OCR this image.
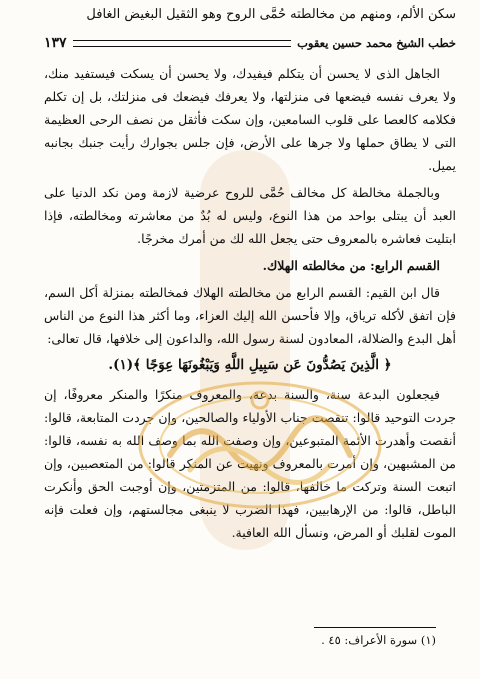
سكن الألم، ومنهم من مخالطته حُمَّى الروح وهو الثقيل البغيض الغافل
خطب الشيخ محمد حسين يعقوب
١٣٧

الجاهل الذى لا يحسن أن يتكلم فيفيدك، ولا يحسن أن يسكت فيستفيد منك، ولا يعرف نفسه فيضعها فى منزلتها، ولا يعرفك فيضعك فى منزلتك، بل إن تكلم فكلامه كالعصا على قلوب السامعين، وإن سكت فأثقل من نصف الرحى العظيمة التى لا يطاق حملها ولا جرها على الأرض، فإن جلس بجوارك رأيت جنبك بجانبه يميل.

وبالجملة مخالطة كل مخالف حُمَّى للروح عرضية لازمة ومن نكد الدنيا على العبد أن يبتلى بواحد من هذا النوع، وليس له بُدٌ من معاشرته ومخالطته، فإذا ابتليت فعاشره بالمعروف حتى يجعل الله لك من أمرك مخرجًا.

القسم الرابع: من مخالطته الهلاك.

قال ابن القيم: القسم الرابع من مخالطته الهلاك فمخالطته بمنزلة أكل السم، فإن اتفق لأكله ترياق، وإلا فأحسن الله إليك العزاء، وما أكثر هذا النوع من الناس أهل البدع والضلالة، المعادون لسنة رسول الله، والداعون إلى خلافها، قال تعالى:

﴿ الَّذِينَ يَصُدُّونَ عَن سَبِيلِ اللَّهِ وَيَبْغُونَهَا عِوَجًا ﴾(١).

فيجعلون البدعة سنة، والسنة بدعة، والمعروف منكرًا والمنكر معروفًا، إن جردت التوحيد قالوا: تنقصت جناب الأولياء والصالحين، وإن جردت المتابعة، قالوا: أنقصت وأهدرت الأئمة المتبوعين، وإن وصفت الله بما وصف الله به نفسه، قالوا: من المشبهين، وإن أمرت بالمعروف ونهيت عن المنكر قالوا: من المتعصبين، وإن اتبعت السنة وتركت ما خالفها، قالوا: من المتزمتين، وإن أوجبت الحق وأنكرت الباطل، قالوا: من الإرهابيين، فهذا الضرب لا ينبغى مجالستهم، وإن فعلت فإنه الموت لقلبك أو المرض، ونسأل الله العافية.

(١) سورة الأعراف: ٤٥ .
